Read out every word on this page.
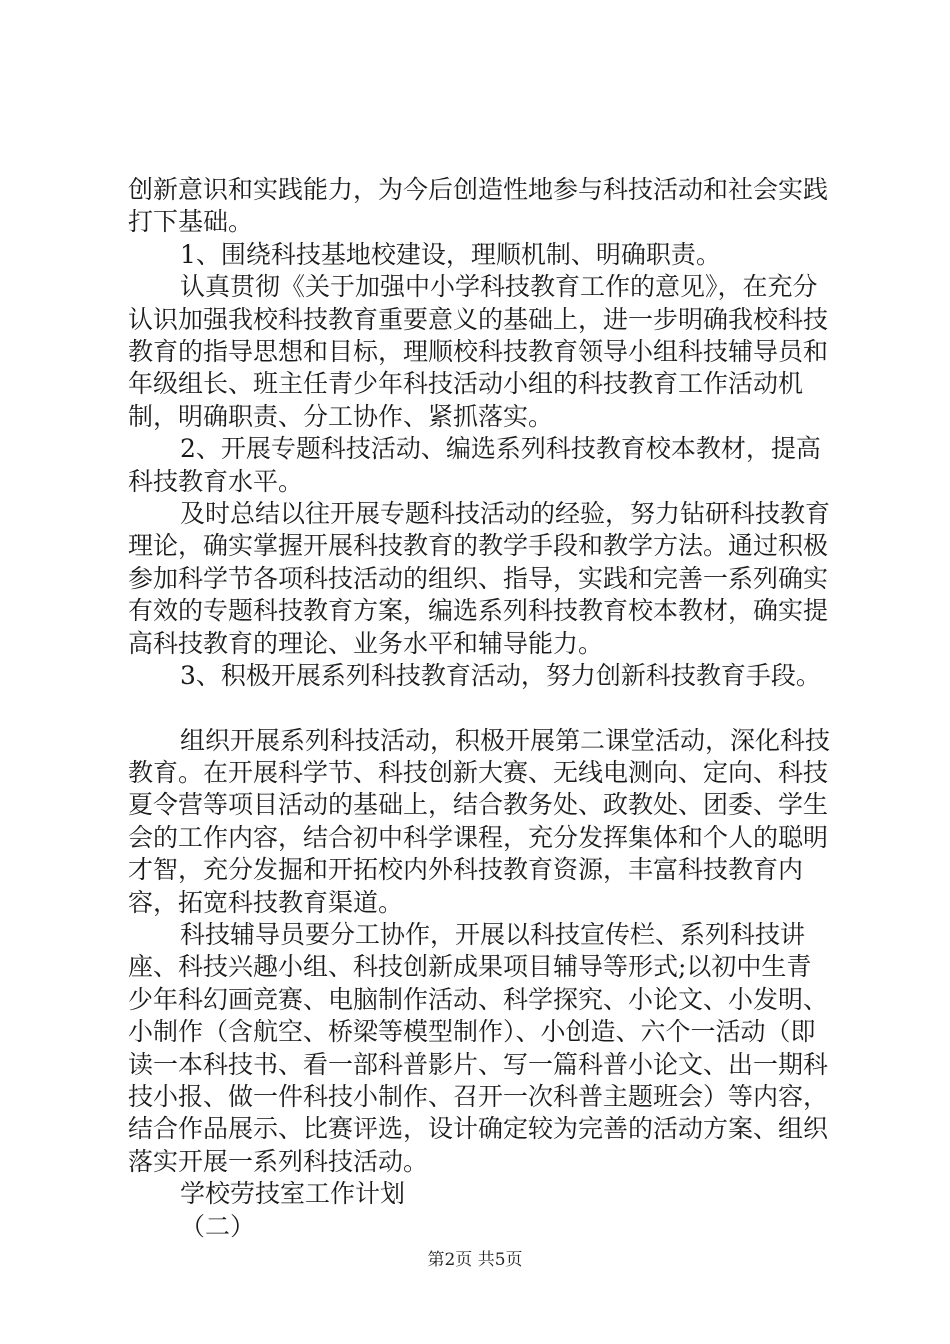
创新意识和实践能力，为今后创造性地参与科技活动和社会实践打下基础。

1、围绕科技基地校建设，理顺机制、明确职责。

认真贯彻《关于加强中小学科技教育工作的意见》，在充分认识加强我校科技教育重要意义的基础上，进一步明确我校科技教育的指导思想和目标，理顺校科技教育领导小组科技辅导员和年级组长、班主任青少年科技活动小组的科技教育工作活动机制，明确职责、分工协作、紧抓落实。

2、开展专题科技活动、编选系列科技教育校本教材，提高科技教育水平。

及时总结以往开展专题科技活动的经验，努力钻研科技教育理论，确实掌握开展科技教育的教学手段和教学方法。通过积极参加科学节各项科技活动的组织、指导，实践和完善一系列确实有效的专题科技教育方案，编选系列科技教育校本教材，确实提高科技教育的理论、业务水平和辅导能力。

3、积极开展系列科技教育活动，努力创新科技教育手段。

组织开展系列科技活动，积极开展第二课堂活动，深化科技教育。在开展科学节、科技创新大赛、无线电测向、定向、科技夏令营等项目活动的基础上，结合教务处、政教处、团委、学生会的工作内容，结合初中科学课程，充分发挥集体和个人的聪明才智，充分发掘和开拓校内外科技教育资源，丰富科技教育内容，拓宽科技教育渠道。

科技辅导员要分工协作，开展以科技宣传栏、系列科技讲座、科技兴趣小组、科技创新成果项目辅导等形式;以初中生青少年科幻画竞赛、电脑制作活动、科学探究、小论文、小发明、小制作（含航空、桥梁等模型制作）、小创造、六个一活动（即读一本科技书、看一部科普影片、写一篇科普小论文、出一期科技小报、做一件科技小制作、召开一次科普主题班会）等内容，结合作品展示、比赛评选，设计确定较为完善的活动方案、组织落实开展一系列科技活动。

学校劳技室工作计划

（二）

第2页 共5页
